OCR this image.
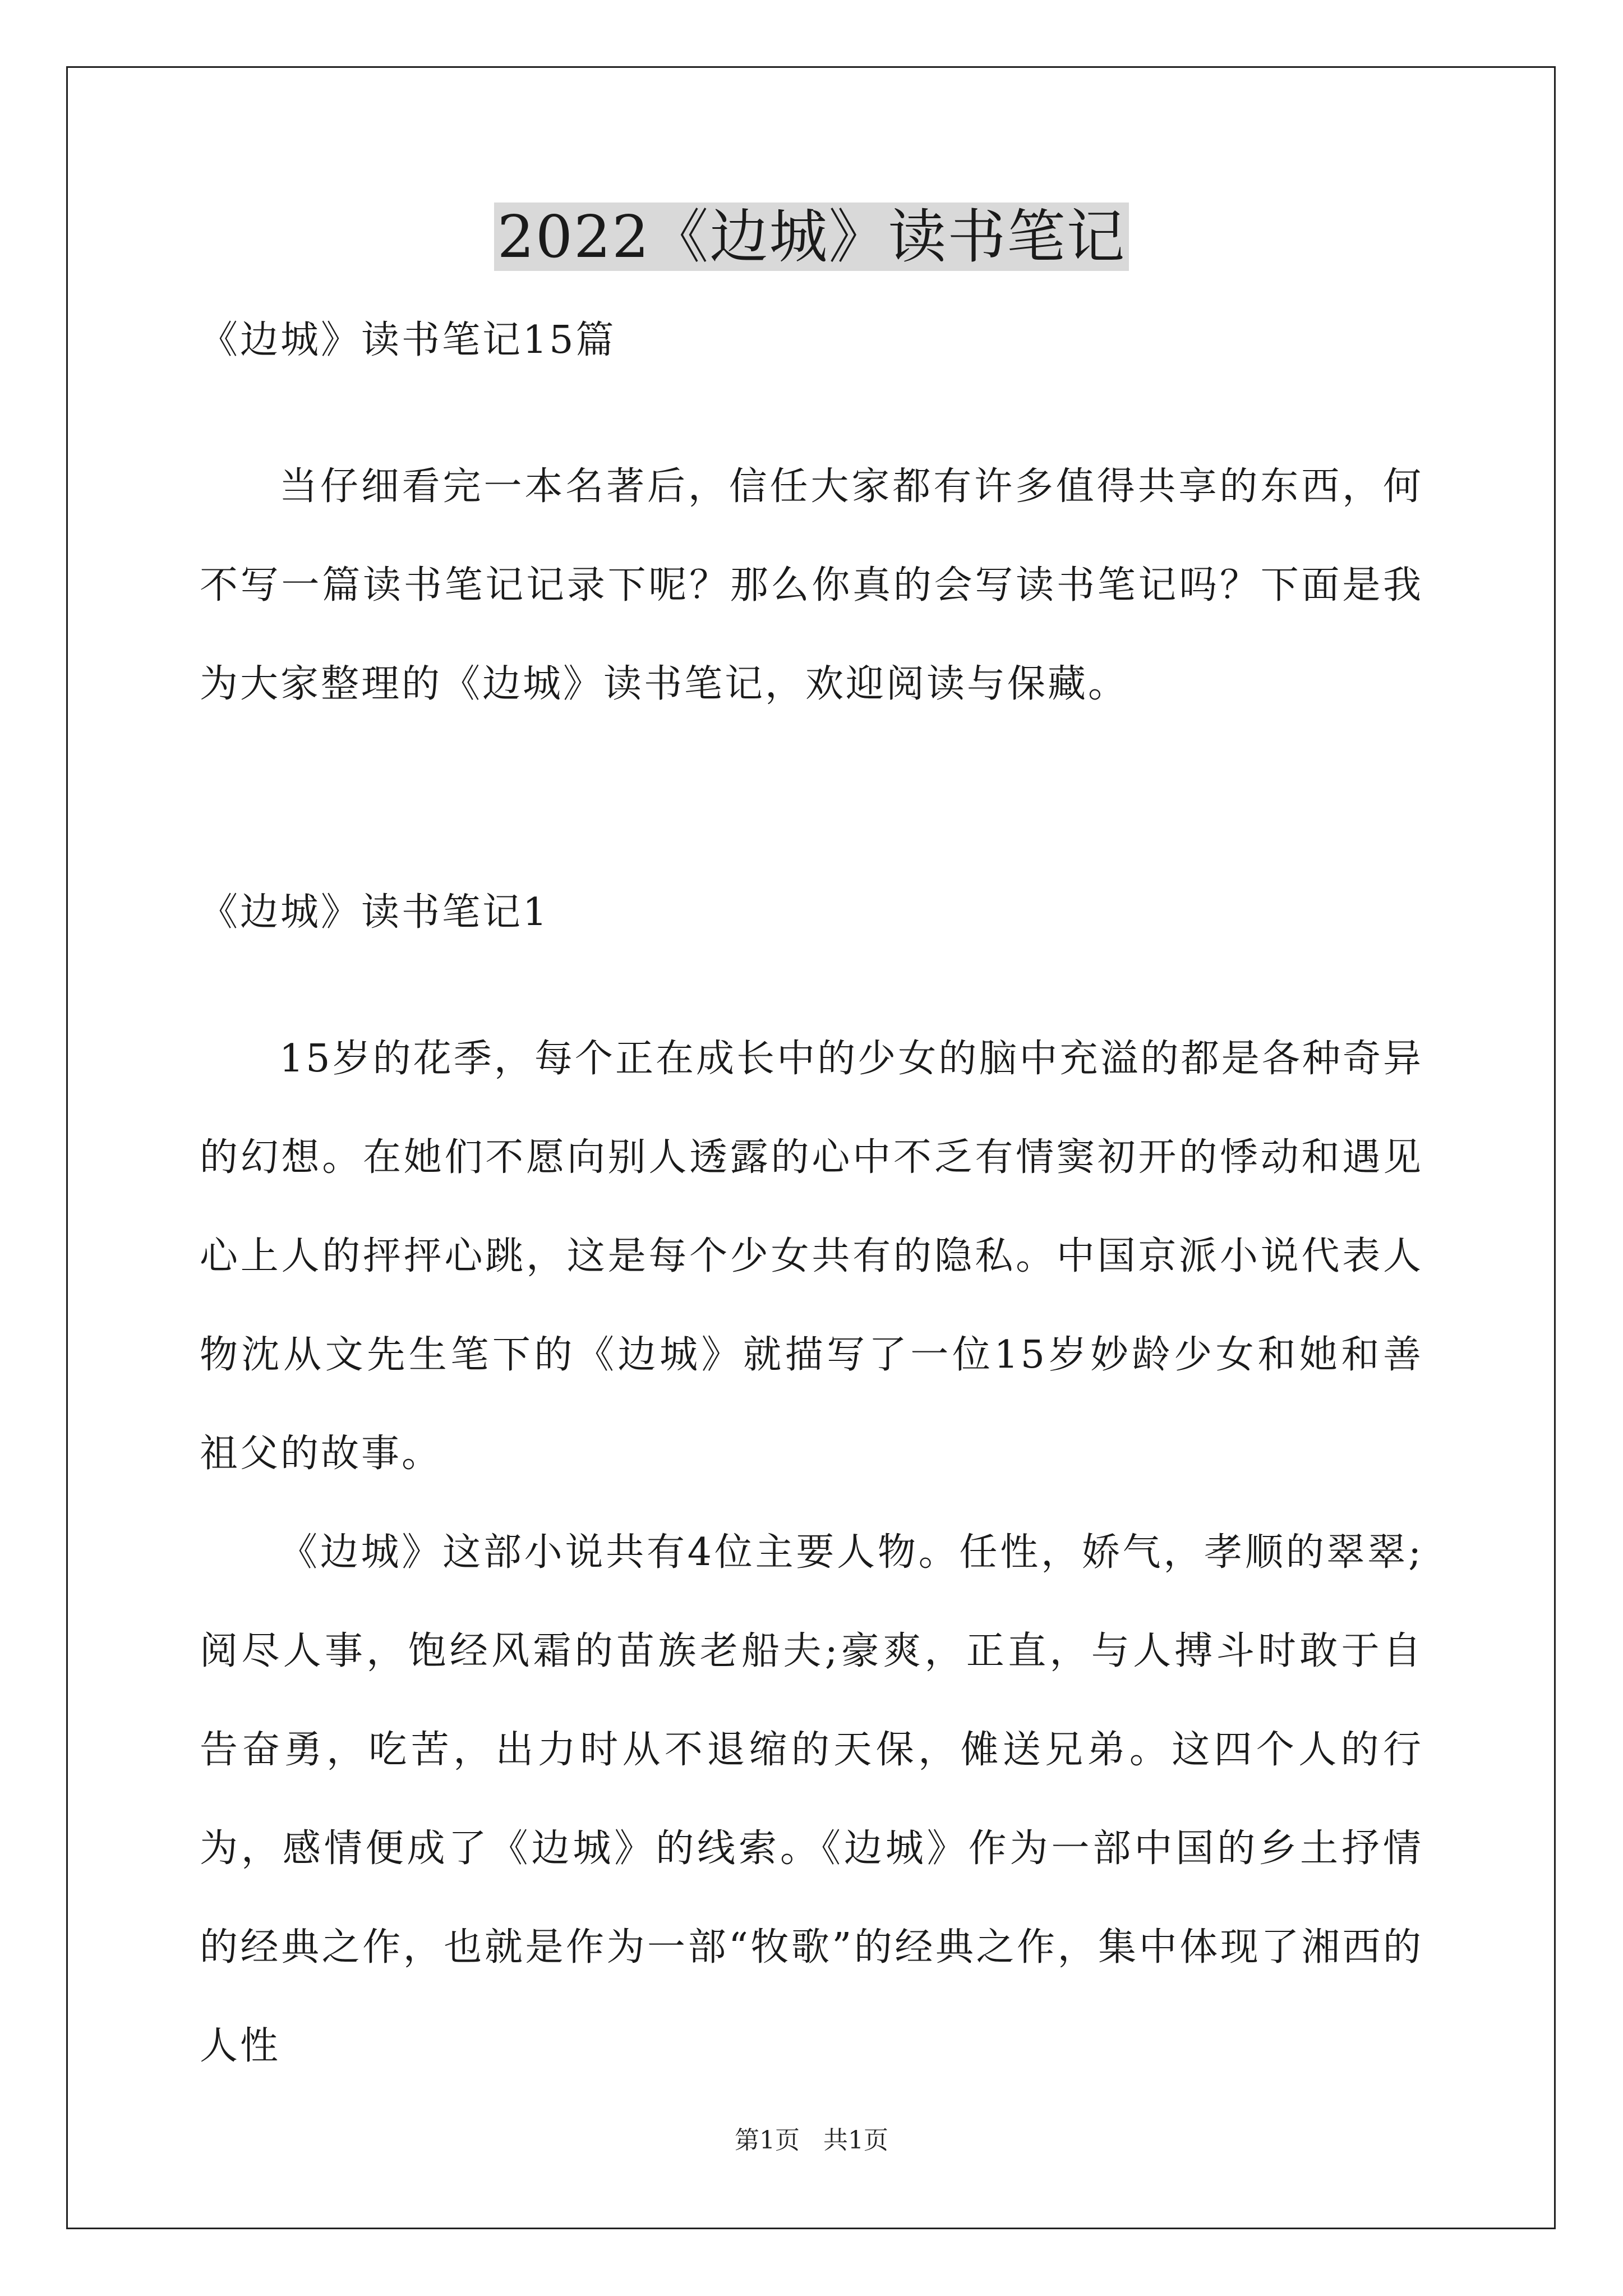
2022《边城》读书笔记

《边城》读书笔记15篇

当仔细看完一本名著后，信任大家都有许多值得共享的东西，何不写一篇读书笔记记录下呢？那么你真的会写读书笔记吗？下面是我为大家整理的《边城》读书笔记，欢迎阅读与保藏。

《边城》读书笔记1

15岁的花季，每个正在成长中的少女的脑中充溢的都是各种奇异的幻想。在她们不愿向别人透露的心中不乏有情窦初开的悸动和遇见心上人的抨抨心跳，这是每个少女共有的隐私。中国京派小说代表人物沈从文先生笔下的《边城》就描写了一位15岁妙龄少女和她和善祖父的故事。

《边城》这部小说共有4位主要人物。任性，娇气，孝顺的翠翠;阅尽人事，饱经风霜的苗族老船夫;豪爽，正直，与人搏斗时敢于自告奋勇，吃苦，出力时从不退缩的天保，傩送兄弟。这四个人的行为，感情便成了《边城》的线索。《边城》作为一部中国的乡土抒情的经典之作，也就是作为一部“牧歌”的经典之作，集中体现了湘西的人性

第1页   共1页
